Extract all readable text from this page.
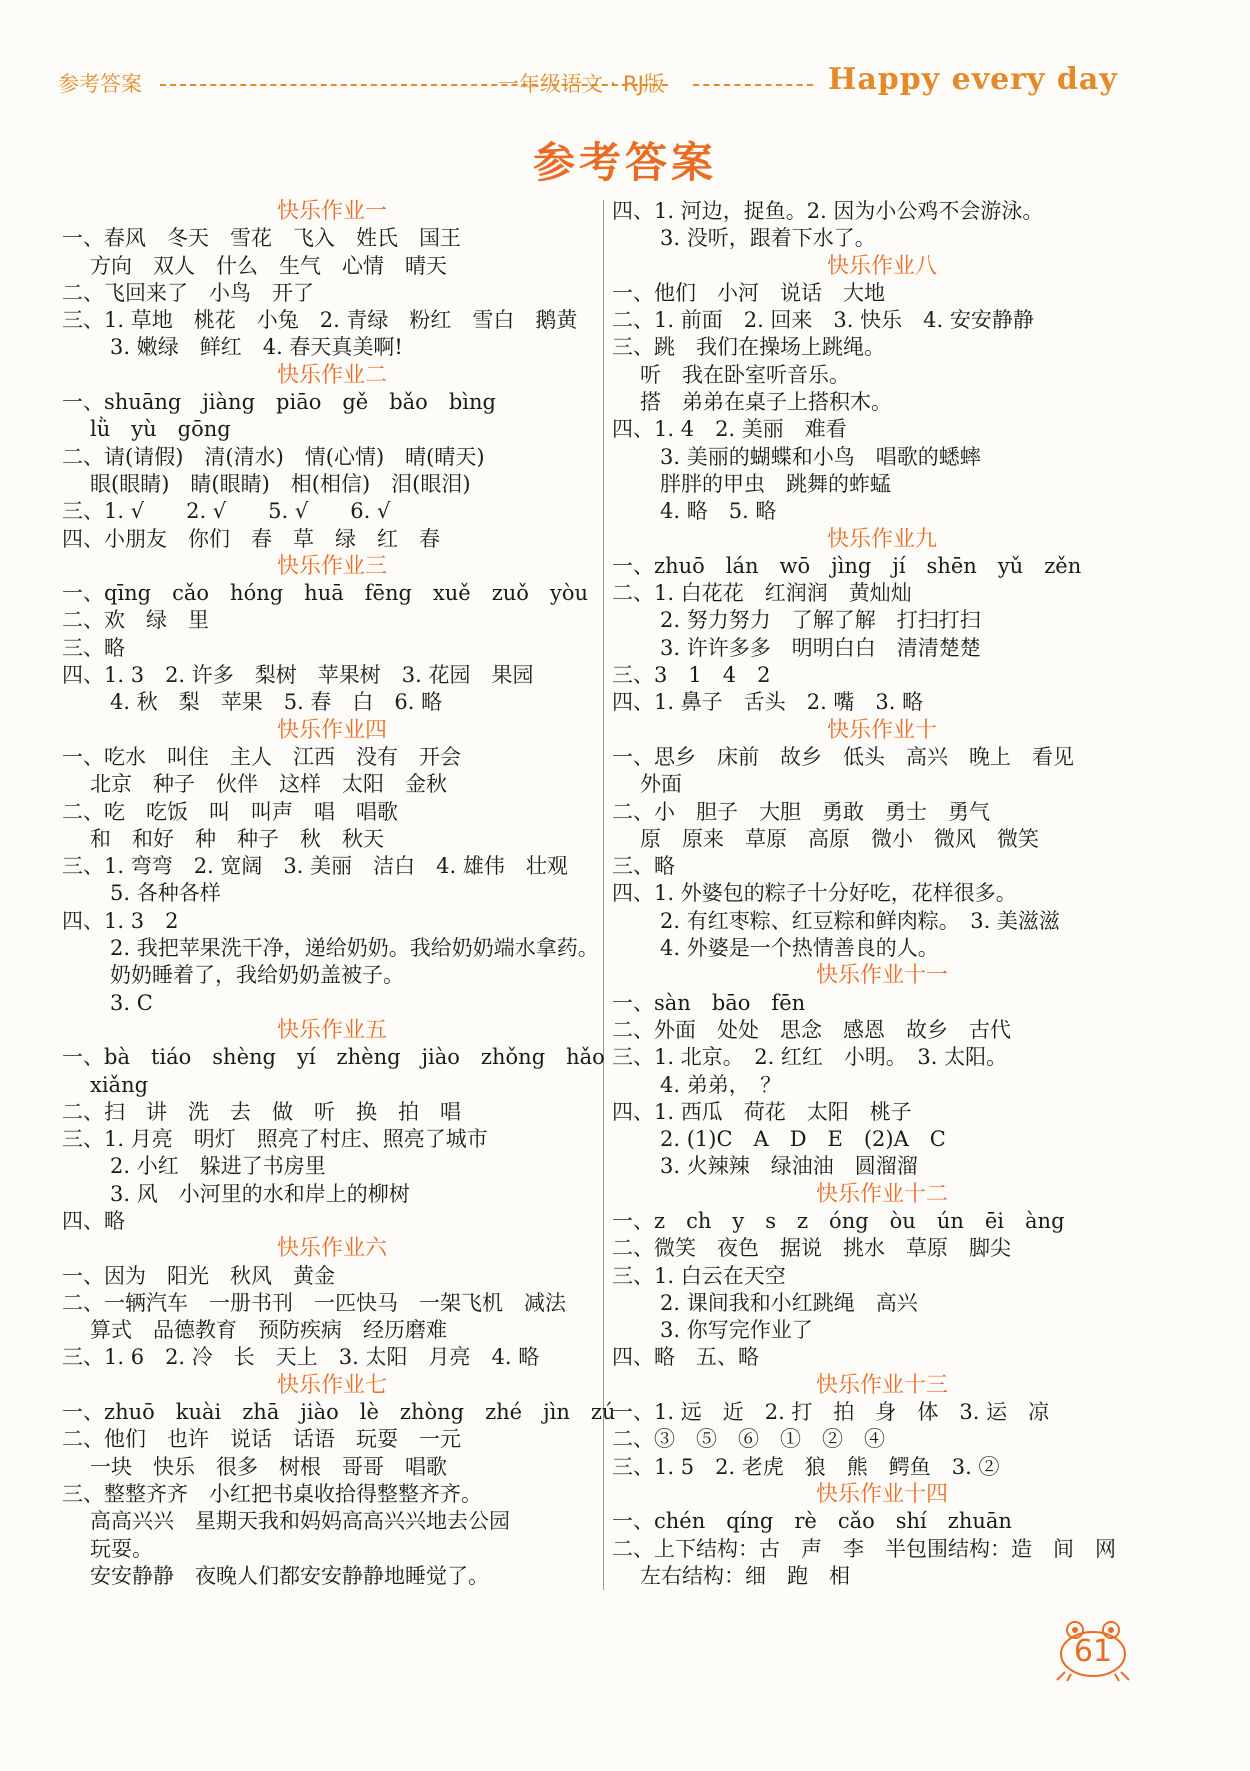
参考答案	一年级语文 · RJ版	Happy every day
参考答案
快乐作业一
一、春风　冬天　雪花　飞入　姓氏　国王
方向　双人　什么　生气　心情　晴天
二、飞回来了　小鸟　开了
三、1. 草地　桃花　小兔　2. 青绿　粉红　雪白　鹅黄
3. 嫩绿　鲜红　4. 春天真美啊!
快乐作业二
一、shuāng　jiàng　piāo　gě　bǎo　bìng
lǜ　yù　gōng
二、请(请假)　清(清水)　情(心情)　晴(晴天)
眼(眼睛)　睛(眼睛)　相(相信)　泪(眼泪)
三、1. √　　2. √　　5. √　　6. √
四、小朋友　你们　春　草　绿　红　春
快乐作业三
一、qīng　cǎo　hóng　huā　fēng　xuě　zuǒ　yòu
二、欢　绿　里
三、略
四、1. 3　2. 许多　梨树　苹果树　3. 花园　果园
4. 秋　梨　苹果　5. 春　白　6. 略
快乐作业四
一、吃水　叫住　主人　江西　没有　开会
北京　种子　伙伴　这样　太阳　金秋
二、吃　吃饭　叫　叫声　唱　唱歌
和　和好　种　种子　秋　秋天
三、1. 弯弯　2. 宽阔　3. 美丽　洁白　4. 雄伟　壮观
5. 各种各样
四、1. 3　2
2. 我把苹果洗干净，递给奶奶。我给奶奶端水拿药。
奶奶睡着了，我给奶奶盖被子。
3. C
快乐作业五
一、bà　tiáo　shèng　yí　zhèng　jiào　zhǒng　hǎo
xiǎng
二、扫　讲　洗　去　做　听　换　拍　唱
三、1. 月亮　明灯　照亮了村庄、照亮了城市
2. 小红　躲进了书房里
3. 风　小河里的水和岸上的柳树
四、略
快乐作业六
一、因为　阳光　秋风　黄金
二、一辆汽车　一册书刊　一匹快马　一架飞机　减法
算式　品德教育　预防疾病　经历磨难
三、1. 6　2. 冷　长　天上　3. 太阳　月亮　4. 略
快乐作业七
一、zhuō　kuài　zhā　jiào　lè　zhòng　zhé　jìn　zú
二、他们　也许　说话　话语　玩耍　一元
一块　快乐　很多　树根　哥哥　唱歌
三、整整齐齐　小红把书桌收拾得整整齐齐。
高高兴兴　星期天我和妈妈高高兴兴地去公园
玩耍。
安安静静　夜晚人们都安安静静地睡觉了。
四、1. 河边，捉鱼。2. 因为小公鸡不会游泳。
3. 没听，跟着下水了。
快乐作业八
一、他们　小河　说话　大地
二、1. 前面　2. 回来　3. 快乐　4. 安安静静
三、跳　我们在操场上跳绳。
听　我在卧室听音乐。
搭　弟弟在桌子上搭积木。
四、1. 4　2. 美丽　难看
3. 美丽的蝴蝶和小鸟　唱歌的蟋蟀
胖胖的甲虫　跳舞的蚱蜢
4. 略　5. 略
快乐作业九
一、zhuō　lán　wō　jìng　jí　shēn　yǔ　zěn
二、1. 白花花　红润润　黄灿灿
2. 努力努力　了解了解　打扫打扫
3. 许许多多　明明白白　清清楚楚
三、3　1　4　2
四、1. 鼻子　舌头　2. 嘴　3. 略
快乐作业十
一、思乡　床前　故乡　低头　高兴　晚上　看见
外面
二、小　胆子　大胆　勇敢　勇士　勇气
原　原来　草原　高原　微小　微风　微笑
三、略
四、1. 外婆包的粽子十分好吃，花样很多。
2. 有红枣粽、红豆粽和鲜肉粽。　3. 美滋滋
4. 外婆是一个热情善良的人。
快乐作业十一
一、sàn　bāo　fēn
二、外面　处处　思念　感恩　故乡　古代
三、1. 北京。　2. 红红　小明。　3. 太阳。
4. 弟弟，　？
四、1. 西瓜　荷花　太阳　桃子
2. (1)C　A　D　E　(2)A　C
3. 火辣辣　绿油油　圆溜溜
快乐作业十二
一、z　ch　y　s　z　óng　òu　ún　ēi　àng
二、微笑　夜色　据说　挑水　草原　脚尖
三、1. 白云在天空
2. 课间我和小红跳绳　高兴
3. 你写完作业了
四、略　五、略
快乐作业十三
一、1. 远　近　2. 打　拍　身　体　3. 运　凉
二、③　⑤　⑥　①　②　④
三、1. 5　2. 老虎　狼　熊　鳄鱼　3. ②
快乐作业十四
一、chén　qíng　rè　cǎo　shí　zhuān
二、上下结构：古　声　李　半包围结构：造　间　网
左右结构：细　跑　相
61
